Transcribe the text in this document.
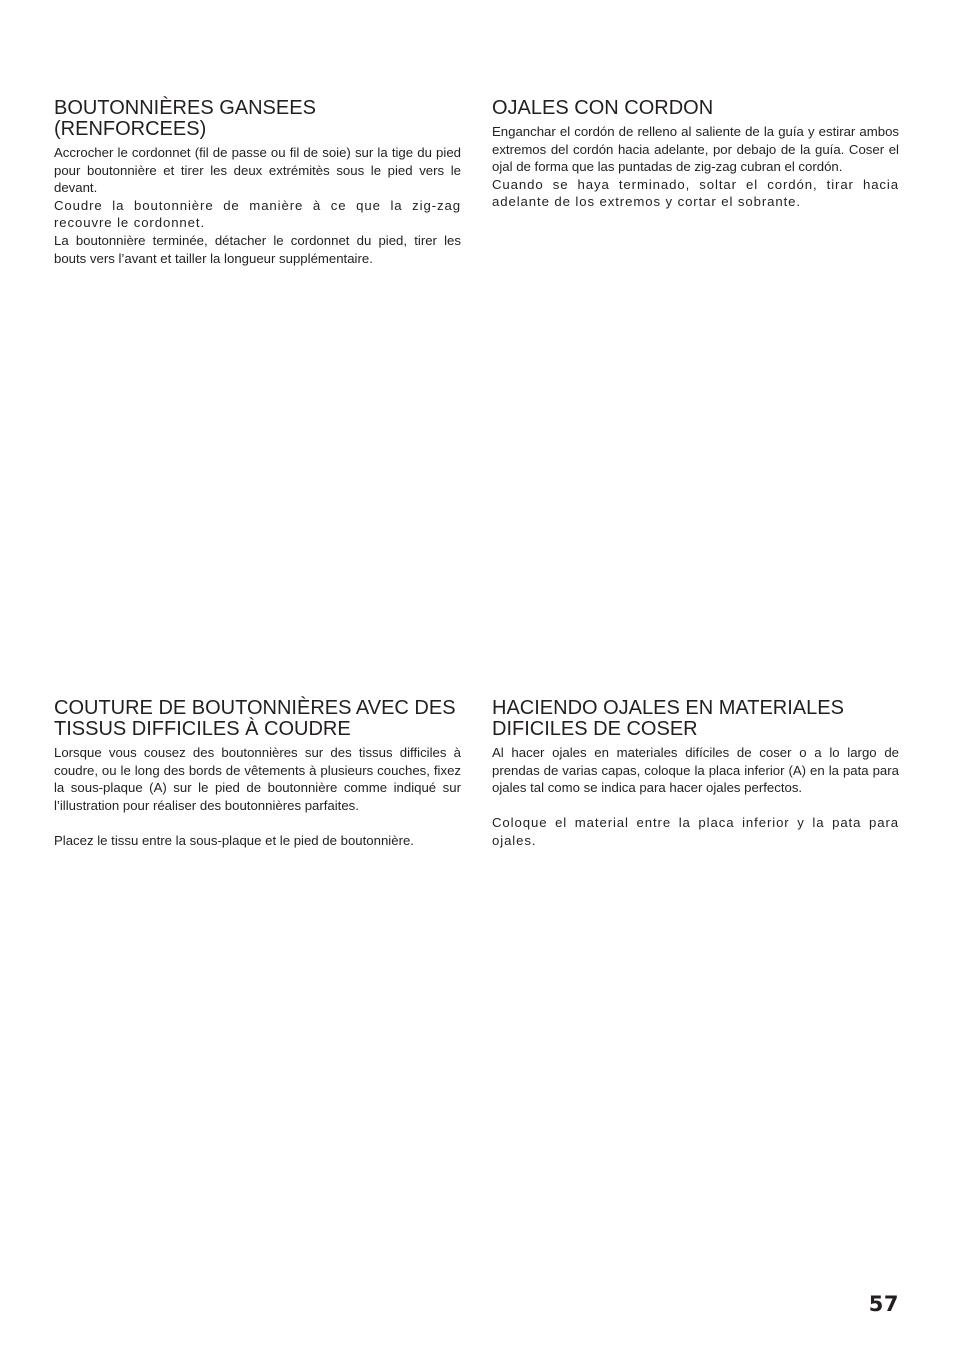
BOUTONNIÈRES GANSEES (RENFORCEES)

Accrocher le cordonnet (fil de passe ou fil de soie) sur la tige du pied pour boutonnière et tirer les deux extrémitès sous le pied vers le devant.

Coudre la boutonnière de manière à ce que la zig-zag recouvre le cordonnet.

La boutonnière terminée, détacher le cordonnet du pied, tirer les bouts vers l’avant et tailler la longueur supplémentaire.

OJALES CON CORDON

Enganchar el cordón de relleno al saliente de la guía y estirar ambos extremos del cordón hacia adelante, por debajo de la guía. Coser el ojal de forma que las puntadas de zig-zag cubran el cordón.

Cuando se haya terminado, soltar el cordón, tirar hacia adelante de los extremos y cortar el sobrante.

COUTURE DE BOUTONNIÈRES AVEC DES TISSUS DIFFICILES À COUDRE

Lorsque vous cousez des boutonnières sur des tissus difficiles à coudre, ou le long des bords de vêtements à plusieurs couches, fixez la sous-plaque (A) sur le pied de boutonnière comme indiqué sur l’illustration pour réaliser des boutonnières parfaites.

Placez le tissu entre la sous-plaque et le pied de boutonnière.

HACIENDO OJALES EN MATERIALES DIFICILES DE COSER

Al hacer ojales en materiales difíciles de coser o a lo largo de prendas de varias capas, coloque la placa inferior (A) en la pata para ojales tal como se indica para hacer ojales perfectos.

Coloque el material entre la placa inferior y la pata para ojales.

57
